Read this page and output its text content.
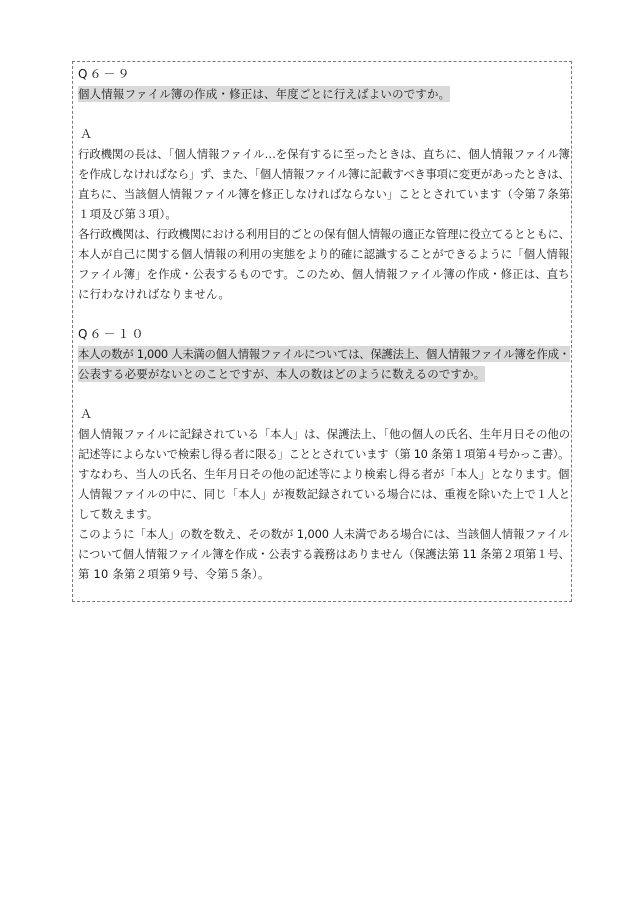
Q６－９
個人情報ファイル簿の作成・修正は、年度ごとに行えばよいのですか。
Ａ
行政機関の長は、「個人情報ファイル…を保有するに至ったときは、直ちに、個人情報ファイル簿
を作成しなければなら」ず、また、「個人情報ファイル簿に記載すべき事項に変更があったときは、
直ちに、当該個人情報ファイル簿を修正しなければならない」こととされています（令第７条第
１項及び第３項）。
各行政機関は、行政機関における利用目的ごとの保有個人情報の適正な管理に役立てるとともに、
本人が自己に関する個人情報の利用の実態をより的確に認識することができるように「個人情報
ファイル簿」を作成・公表するものです。このため、個人情報ファイル簿の作成・修正は、直ち
に行わなければなりません。
Q６－１０
本人の数が 1,000 人未満の個人情報ファイルについては、保護法上、個人情報ファイル簿を作成・
公表する必要がないとのことですが、本人の数はどのように数えるのですか。
Ａ
個人情報ファイルに記録されている「本人」は、保護法上、「他の個人の氏名、生年月日その他の
記述等によらないで検索し得る者に限る」こととされています（第 10 条第１項第４号かっこ書）。
すなわち、当人の氏名、生年月日その他の記述等により検索し得る者が「本人」となります。個
人情報ファイルの中に、同じ「本人」が複数記録されている場合には、重複を除いた上で１人と
して数えます。
このように「本人」の数を数え、その数が 1,000 人未満である場合には、当該個人情報ファイル
について個人情報ファイル簿を作成・公表する義務はありません（保護法第 11 条第２項第１号、
第 10 条第２項第９号、令第５条）。
